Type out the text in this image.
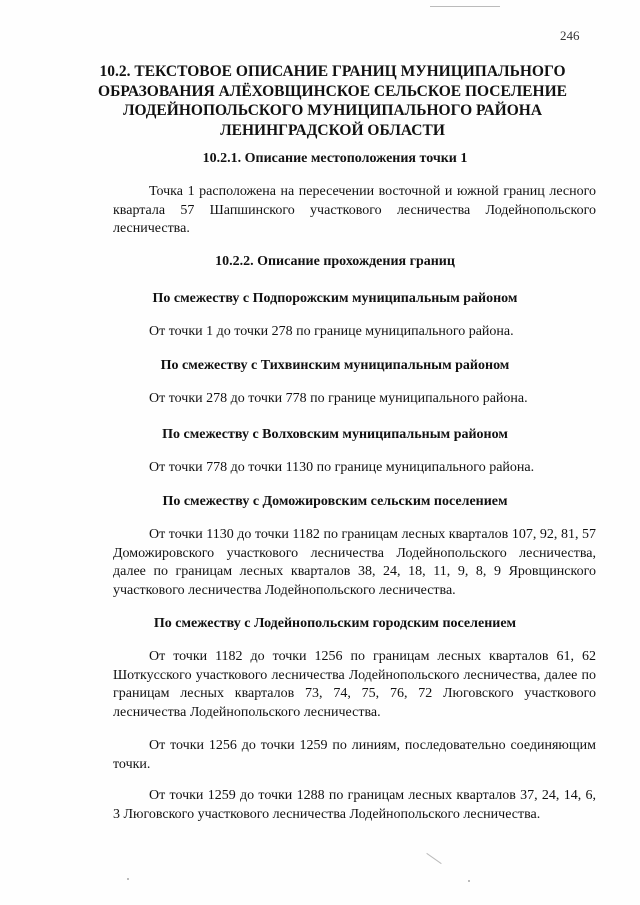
246
10.2. ТЕКСТОВОЕ ОПИСАНИЕ ГРАНИЦ МУНИЦИПАЛЬНОГО ОБРАЗОВАНИЯ АЛЁХОВЩИНСКОЕ СЕЛЬСКОЕ ПОСЕЛЕНИЕ ЛОДЕЙНОПОЛЬСКОГО МУНИЦИПАЛЬНОГО РАЙОНА ЛЕНИНГРАДСКОЙ ОБЛАСТИ
10.2.1. Описание местоположения точки 1
Точка 1 расположена на пересечении восточной и южной границ лесного квартала 57 Шапшинского участкового лесничества Лодейнопольского лесничества.
10.2.2. Описание прохождения границ
По смежеству с Подпорожским муниципальным районом
От точки 1 до точки 278 по границе муниципального района.
По смежеству с Тихвинским муниципальным районом
От точки 278 до точки 778 по границе муниципального района.
По смежеству с Волховским муниципальным районом
От точки 778 до точки 1130 по границе муниципального района.
По смежеству с Доможировским сельским поселением
От точки 1130 до точки 1182 по границам лесных кварталов 107, 92, 81, 57 Доможировского участкового лесничества Лодейнопольского лесничества, далее по границам лесных кварталов 38, 24, 18, 11, 9, 8, 9 Яровщинского участкового лесничества Лодейнопольского лесничества.
По смежеству с Лодейнопольским городским поселением
От точки 1182 до точки 1256 по границам лесных кварталов 61, 62 Шоткусского участкового лесничества Лодейнопольского лесничества, далее по границам лесных кварталов 73, 74, 75, 76, 72 Люговского участкового лесничества Лодейнопольского лесничества.
От точки 1256 до точки 1259 по линиям, последовательно соединяющим точки.
От точки 1259 до точки 1288 по границам лесных кварталов 37, 24, 14, 6, 3 Люговского участкового лесничества Лодейнопольского лесничества.
